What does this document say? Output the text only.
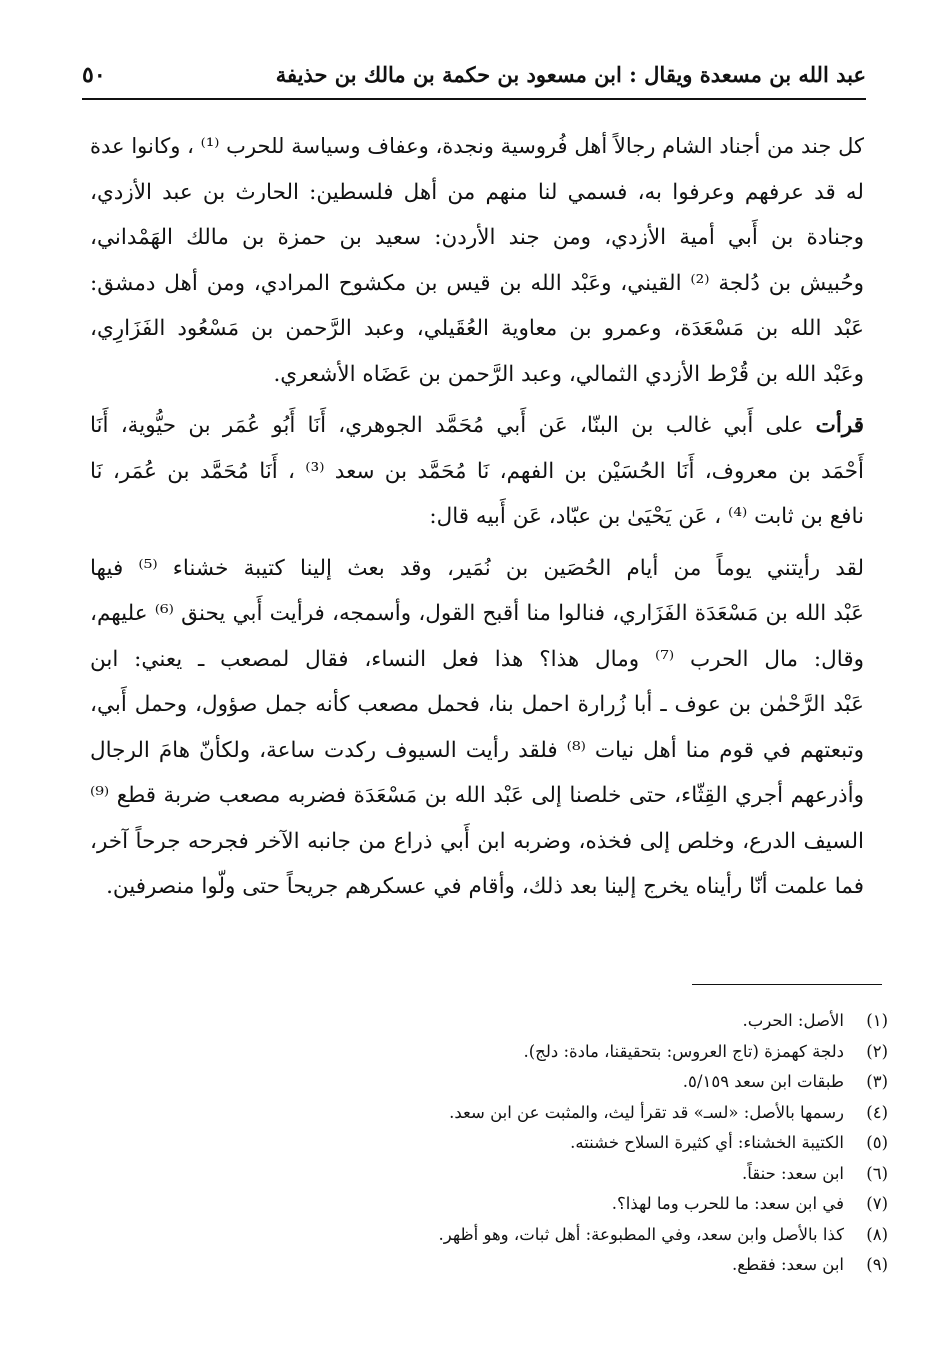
عبد الله بن مسعدة ويقال : ابن مسعود بن حكمة بن مالك بن حذيفة
٥٠
كل جند من أجناد الشام رجالاً أهل فُروسية ونجدة، وعفاف وسياسة للحرب ⁽¹⁾ ، وكانوا عدة
له قد عرفهم وعرفوا به، فسمي لنا منهم من أهل فلسطين: الحارث بن عبد الأزدي،
وجنادة بن أَبي أمية الأزدي، ومن جند الأردن: سعيد بن حمزة بن مالك الهَمْداني،
وحُبيش بن دُلجة ⁽²⁾ القيني، وعَبْد الله بن قيس بن مكشوح المرادي، ومن أهل دمشق:
عَبْد الله بن مَسْعَدَة، وعمرو بن معاوية العُقَيلي، وعبد الرَّحمن بن مَسْعُود الفَزَارِي،
وعَبْد الله بن قُرْط الأزدي الثمالي، وعبد الرَّحمن بن عَضَاه الأشعري.
قرأت على أَبي غالب بن البنّا، عَن أَبي مُحَمَّد الجوهري، أَنَا أَبُو عُمَر بن حيُّوية، أَنَا
أَحْمَد بن معروف، أَنَا الحُسَيْن بن الفهم، نَا مُحَمَّد بن سعد ⁽³⁾ ، أَنَا مُحَمَّد بن عُمَر، نَا
نافع بن ثابت ⁽⁴⁾ ، عَن يَحْيَىٰ بن عبّاد، عَن أَبيه قال:
لقد رأيتني يوماً من أيام الحُصَين بن نُمَير، وقد بعث إلينا كتيبة خشناء ⁽⁵⁾ فيها
عَبْد الله بن مَسْعَدَة الفَزَاري، فنالوا منا أقبح القول، وأسمجه، فرأيت أَبي يحنق ⁽⁶⁾ عليهم،
وقال: مال الحرب ⁽⁷⁾ ومال هذا؟ هذا فعل النساء، فقال لمصعب ـ يعني: ابن
عَبْد الرَّحْمٰن بن عوف ـ أبا زُرارة احمل بنا، فحمل مصعب كأنه جمل صؤول، وحمل أَبي،
وتبعتهم في قوم منا أهل نيات ⁽⁸⁾ فلقد رأيت السيوف ركدت ساعة، ولكأنّ هامَ الرجال
وأذرعهم أجري القِثّاء، حتى خلصنا إلى عَبْد الله بن مَسْعَدَة فضربه مصعب ضربة قطع ⁽⁹⁾
السيف الدرع، وخلص إلى فخذه، وضربه ابن أَبي ذراع من جانبه الآخر فجرحه جرحاً آخر،
فما علمت أنّا رأيناه يخرج إلينا بعد ذلك، وأقام في عسكرهم جريحاً حتى ولّوا منصرفين.
(١)
الأصل: الحرب.
(٢)
دلجة كهمزة (تاج العروس: بتحقيقنا، مادة: دلج).
(٣)
طبقات ابن سعد ٥/١٥٩.
(٤)
رسمها بالأصل: «لسـ» قد تقرأ ليث، والمثبت عن ابن سعد.
(٥)
الكتيبة الخشناء: أي كثيرة السلاح خشنته.
(٦)
ابن سعد: حنقاً.
(٧)
في ابن سعد: ما للحرب وما لهذا؟.
(٨)
كذا بالأصل وابن سعد، وفي المطبوعة: أهل ثبات، وهو أظهر.
(٩)
ابن سعد: فقطع.
